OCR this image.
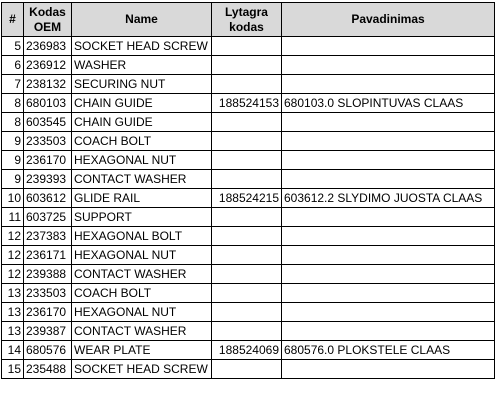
#	Kodas OEM	Name	Lytagra kodas	Pavadinimas
5	236983	SOCKET HEAD SCREW		
6	236912	WASHER		
7	238132	SECURING NUT		
8	680103	CHAIN GUIDE	188524153	680103.0 SLOPINTUVAS CLAAS
8	603545	CHAIN GUIDE		
9	233503	COACH BOLT		
9	236170	HEXAGONAL NUT		
9	239393	CONTACT WASHER		
10	603612	GLIDE RAIL	188524215	603612.2 SLYDIMO JUOSTA CLAAS
11	603725	SUPPORT		
12	237383	HEXAGONAL BOLT		
12	236171	HEXAGONAL NUT		
12	239388	CONTACT WASHER		
13	233503	COACH BOLT		
13	236170	HEXAGONAL NUT		
13	239387	CONTACT WASHER		
14	680576	WEAR PLATE	188524069	680576.0 PLOKSTELE CLAAS
15	235488	SOCKET HEAD SCREW		
